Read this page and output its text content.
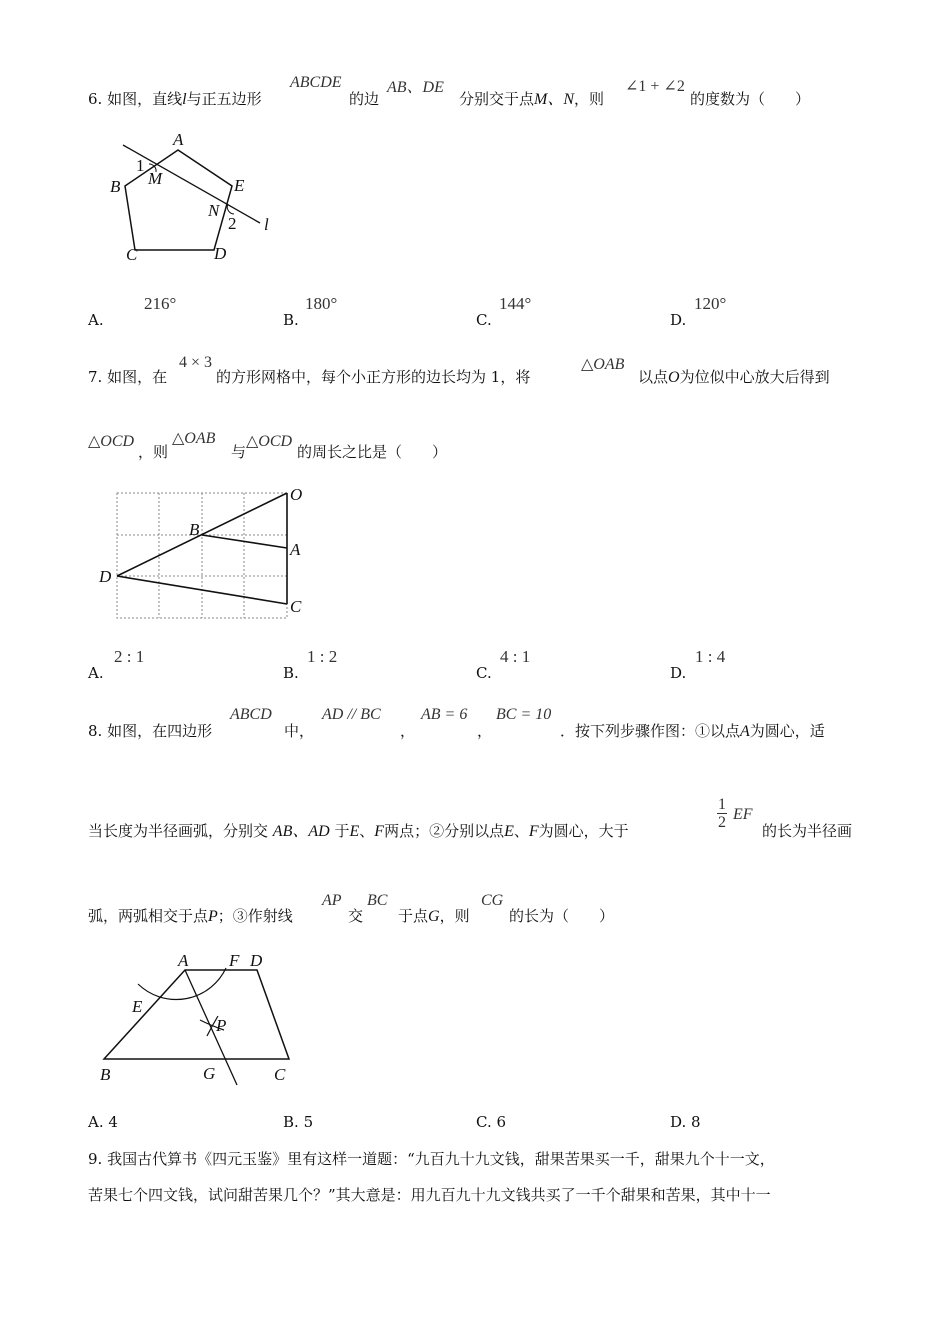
6. 如图，直线l与正五边形
ABCDE
的边
AB、DE
分别交于点M、N，则
∠1 + ∠2
的度数为（　　）
A
E
B
C	D
M
N
1
2 l
A.
216°
B.
180°
C.
144°
D.
120°
7. 如图，在
4 × 3
的方形网格中，每个小正方形的边长均为 1，将
△OAB
以点O为位似中心放大后得到
△OCD
，则
△OAB
与
△OCD
的周长之比是（　　）
O
B
A
D
C
A.
2 : 1
B.
1 : 2
C.
4 : 1
D.
1 : 4
8. 如图，在四边形
ABCD
中，
AD // BC
，
AB = 6
，
BC = 10
．按下列步骤作图：①以点A为圆心，适
当长度为半径画弧，分别交 AB、AD 于E、F两点；②分别以点E、F为圆心，大于	$\frac{1}{2}$ EF
的长为半径画
弧，两弧相交于点P；③作射线
AP
交
BC
于点G，则
CG
的长为（　　）
A F D
E
P
B	G	C
A. 4	B. 5	C. 6	D. 8
9. 我国古代算书《四元玉鉴》里有这样一道题：“九百九十九文钱，甜果苦果买一千，甜果九个十一文，
苦果七个四文钱，试问甜苦果几个？”其大意是：用九百九十九文钱共买了一千个甜果和苦果，其中十一
